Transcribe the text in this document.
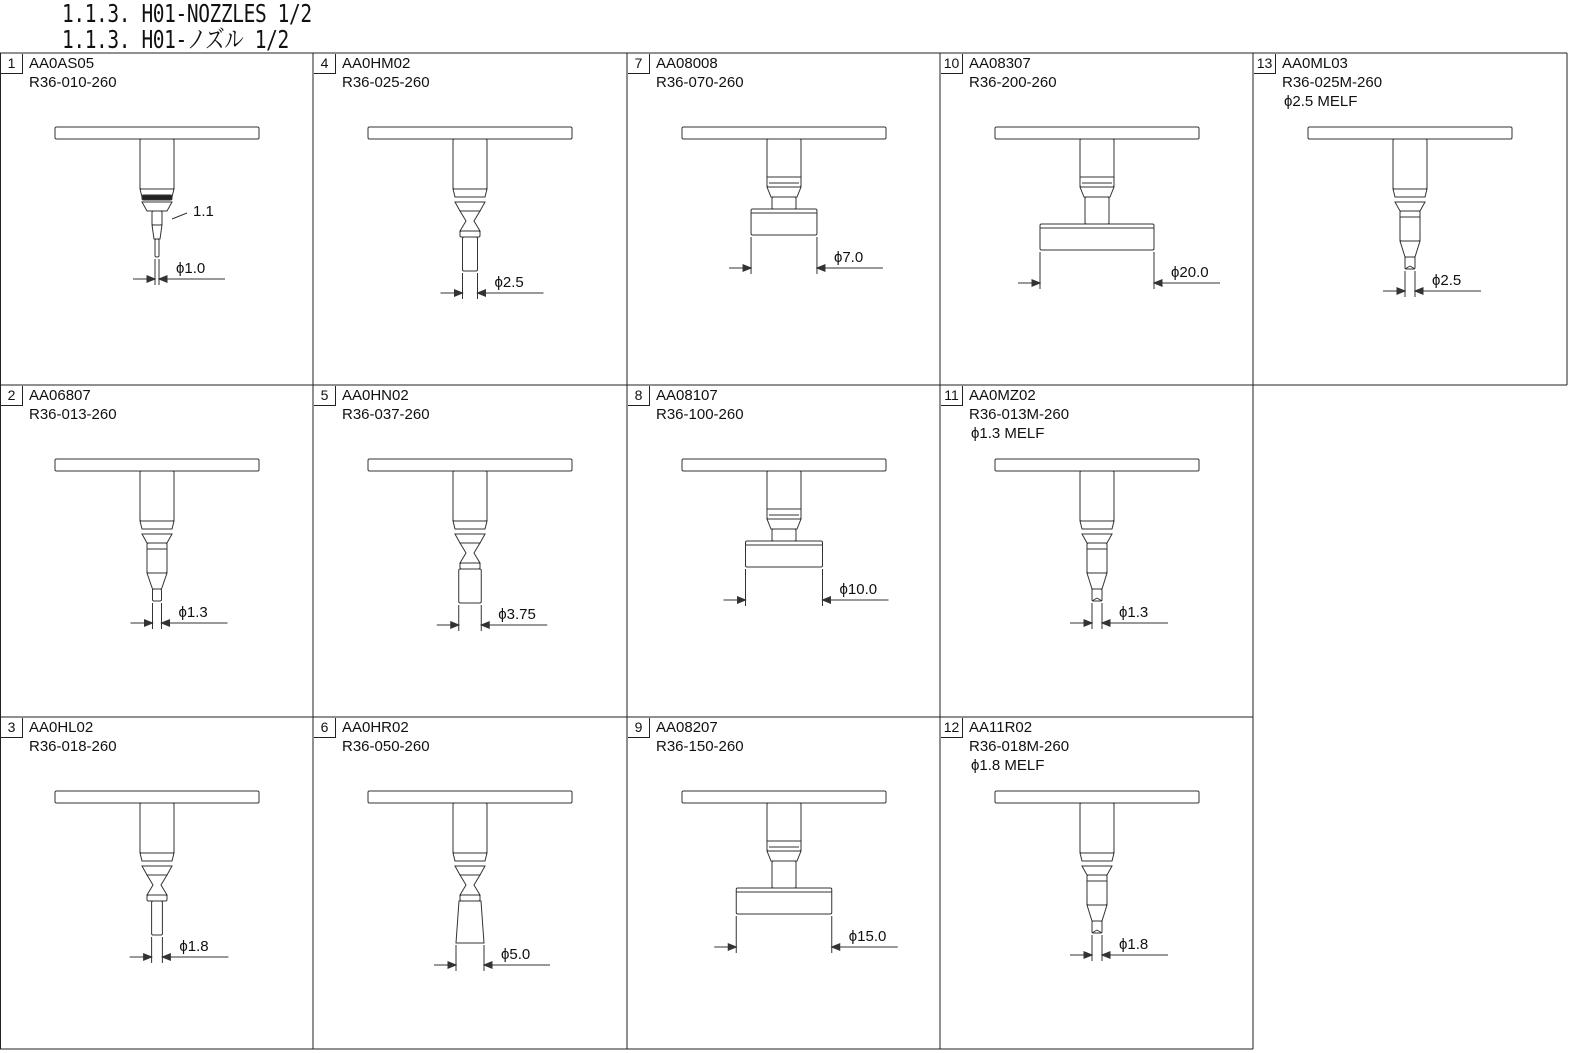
1.1.3. H01-NOZZLES 1/2
1.1.3. H01-ノズル 1/2
1 AA0AS05
R36-010-260
ϕ1.0
1.1
4 AA0HM02
R36-025-260
ϕ2.5
7 AA08008
R36-070-260
ϕ7.0
10 AA08307
R36-200-260
ϕ20.0
13 AA0ML03
R36-025M-260
ϕ2.5 MELF
ϕ2.5
2 AA06807
R36-013-260
ϕ1.3
5 AA0HN02
R36-037-260
ϕ3.75
8 AA08107
R36-100-260
ϕ10.0
11 AA0MZ02
R36-013M-260
ϕ1.3 MELF
ϕ1.3
3 AA0HL02
R36-018-260
ϕ1.8
6 AA0HR02
R36-050-260
ϕ5.0
9 AA08207
R36-150-260
ϕ15.0
12 AA11R02
R36-018M-260
ϕ1.8 MELF
ϕ1.8
